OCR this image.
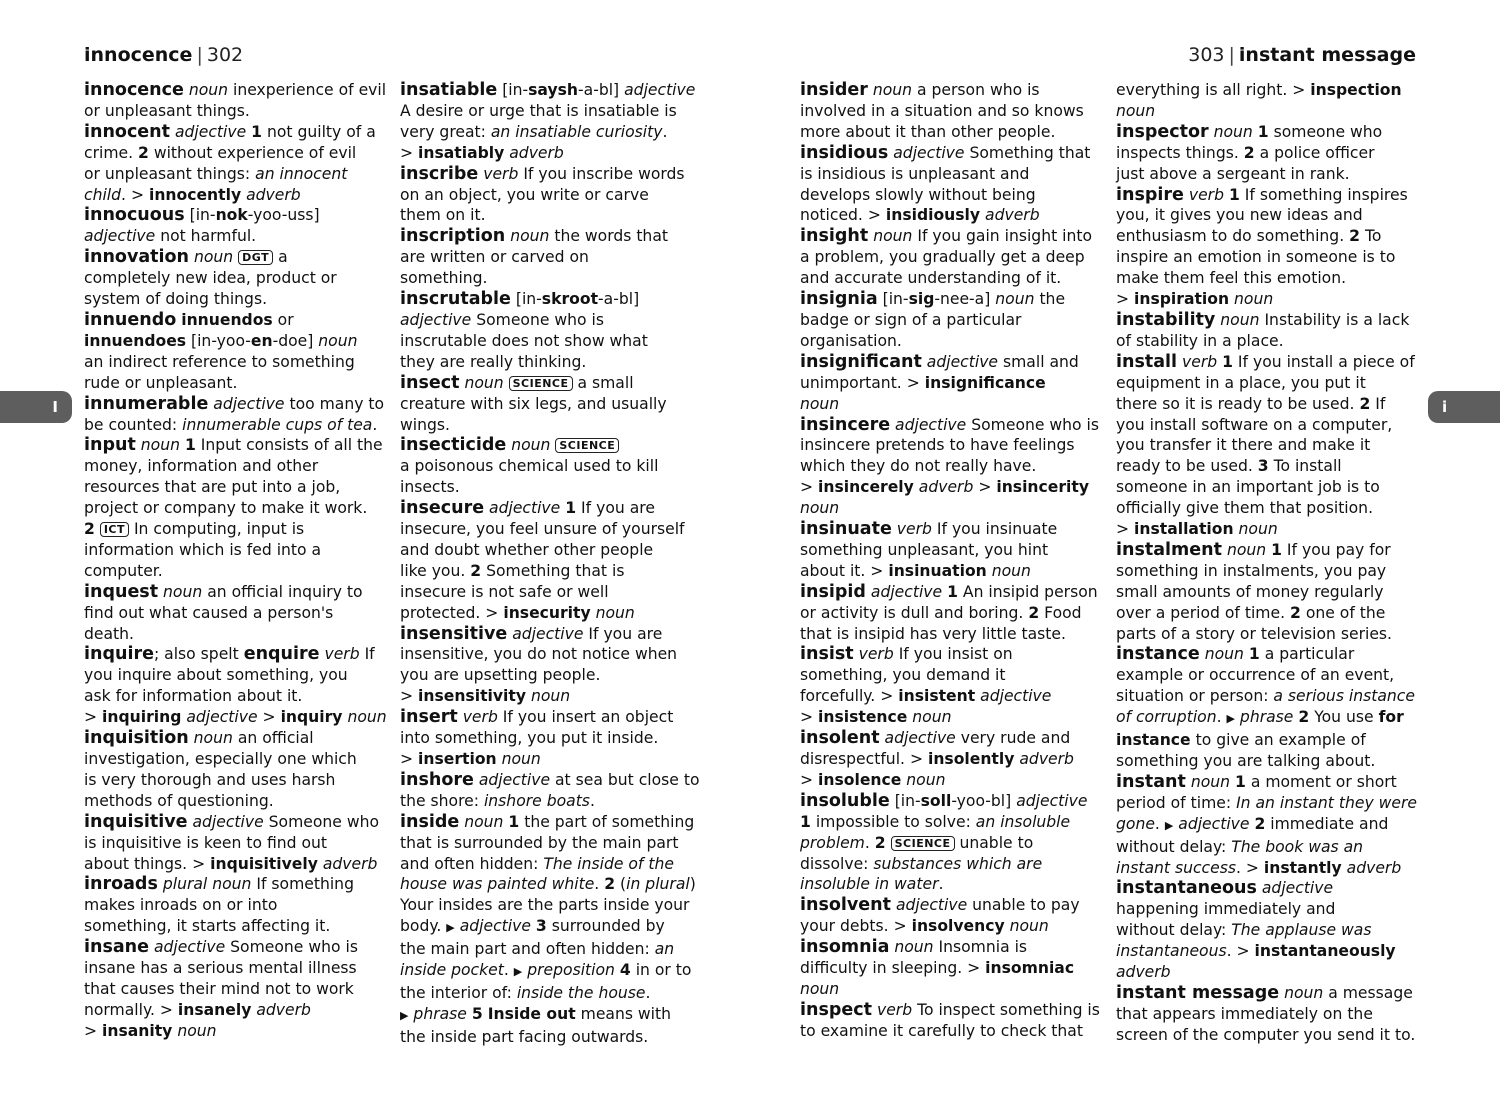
innocence | 302	303 | instant message
I	i
innocence noun inexperience of evil
or unpleasant things.
innocent adjective 1 not guilty of a
crime. 2 without experience of evil
or unpleasant things: an innocent
child. > innocently adverb
innocuous [in-nok-yoo-uss]
adjective not harmful.
innovation noun DGT a
completely new idea, product or
system of doing things.
innuendo innuendos or
innuendoes [in-yoo-en-doe] noun
an indirect reference to something
rude or unpleasant.
innumerable adjective too many to
be counted: innumerable cups of tea.
input noun 1 Input consists of all the
money, information and other
resources that are put into a job,
project or company to make it work.
2 ICT In computing, input is
information which is fed into a
computer.
inquest noun an official inquiry to
find out what caused a person's
death.
inquire; also spelt enquire verb If
you inquire about something, you
ask for information about it.
> inquiring adjective > inquiry noun
inquisition noun an official
investigation, especially one which
is very thorough and uses harsh
methods of questioning.
inquisitive adjective Someone who
is inquisitive is keen to find out
about things. > inquisitively adverb
inroads plural noun If something
makes inroads on or into
something, it starts affecting it.
insane adjective Someone who is
insane has a serious mental illness
that causes their mind not to work
normally. > insanely adverb
> insanity noun
insatiable [in-saysh-a-bl] adjective
A desire or urge that is insatiable is
very great: an insatiable curiosity.
> insatiably adverb
inscribe verb If you inscribe words
on an object, you write or carve
them on it.
inscription noun the words that
are written or carved on
something.
inscrutable [in-skroot-a-bl]
adjective Someone who is
inscrutable does not show what
they are really thinking.
insect noun SCIENCE a small
creature with six legs, and usually
wings.
insecticide noun SCIENCE
a poisonous chemical used to kill
insects.
insecure adjective 1 If you are
insecure, you feel unsure of yourself
and doubt whether other people
like you. 2 Something that is
insecure is not safe or well
protected. > insecurity noun
insensitive adjective If you are
insensitive, you do not notice when
you are upsetting people.
> insensitivity noun
insert verb If you insert an object
into something, you put it inside.
> insertion noun
inshore adjective at sea but close to
the shore: inshore boats.
inside noun 1 the part of something
that is surrounded by the main part
and often hidden: The inside of the
house was painted white. 2 (in plural)
Your insides are the parts inside your
body. ▶ adjective 3 surrounded by
the main part and often hidden: an
inside pocket. ▶ preposition 4 in or to
the interior of: inside the house.
▶ phrase 5 Inside out means with
the inside part facing outwards.
insider noun a person who is
involved in a situation and so knows
more about it than other people.
insidious adjective Something that
is insidious is unpleasant and
develops slowly without being
noticed. > insidiously adverb
insight noun If you gain insight into
a problem, you gradually get a deep
and accurate understanding of it.
insignia [in-sig-nee-a] noun the
badge or sign of a particular
organisation.
insignificant adjective small and
unimportant. > insignificance
noun
insincere adjective Someone who is
insincere pretends to have feelings
which they do not really have.
> insincerely adverb > insincerity
noun
insinuate verb If you insinuate
something unpleasant, you hint
about it. > insinuation noun
insipid adjective 1 An insipid person
or activity is dull and boring. 2 Food
that is insipid has very little taste.
insist verb If you insist on
something, you demand it
forcefully. > insistent adjective
> insistence noun
insolent adjective very rude and
disrespectful. > insolently adverb
> insolence noun
insoluble [in-soll-yoo-bl] adjective
1 impossible to solve: an insoluble
problem. 2 SCIENCE unable to
dissolve: substances which are
insoluble in water.
insolvent adjective unable to pay
your debts. > insolvency noun
insomnia noun Insomnia is
difficulty in sleeping. > insomniac
noun
inspect verb To inspect something is
to examine it carefully to check that
everything is all right. > inspection
noun
inspector noun 1 someone who
inspects things. 2 a police officer
just above a sergeant in rank.
inspire verb 1 If something inspires
you, it gives you new ideas and
enthusiasm to do something. 2 To
inspire an emotion in someone is to
make them feel this emotion.
> inspiration noun
instability noun Instability is a lack
of stability in a place.
install verb 1 If you install a piece of
equipment in a place, you put it
there so it is ready to be used. 2 If
you install software on a computer,
you transfer it there and make it
ready to be used. 3 To install
someone in an important job is to
officially give them that position.
> installation noun
instalment noun 1 If you pay for
something in instalments, you pay
small amounts of money regularly
over a period of time. 2 one of the
parts of a story or television series.
instance noun 1 a particular
example or occurrence of an event,
situation or person: a serious instance
of corruption. ▶ phrase 2 You use for
instance to give an example of
something you are talking about.
instant noun 1 a moment or short
period of time: In an instant they were
gone. ▶ adjective 2 immediate and
without delay: The book was an
instant success. > instantly adverb
instantaneous adjective
happening immediately and
without delay: The applause was
instantaneous. > instantaneously
adverb
instant message noun a message
that appears immediately on the
screen of the computer you send it to.
